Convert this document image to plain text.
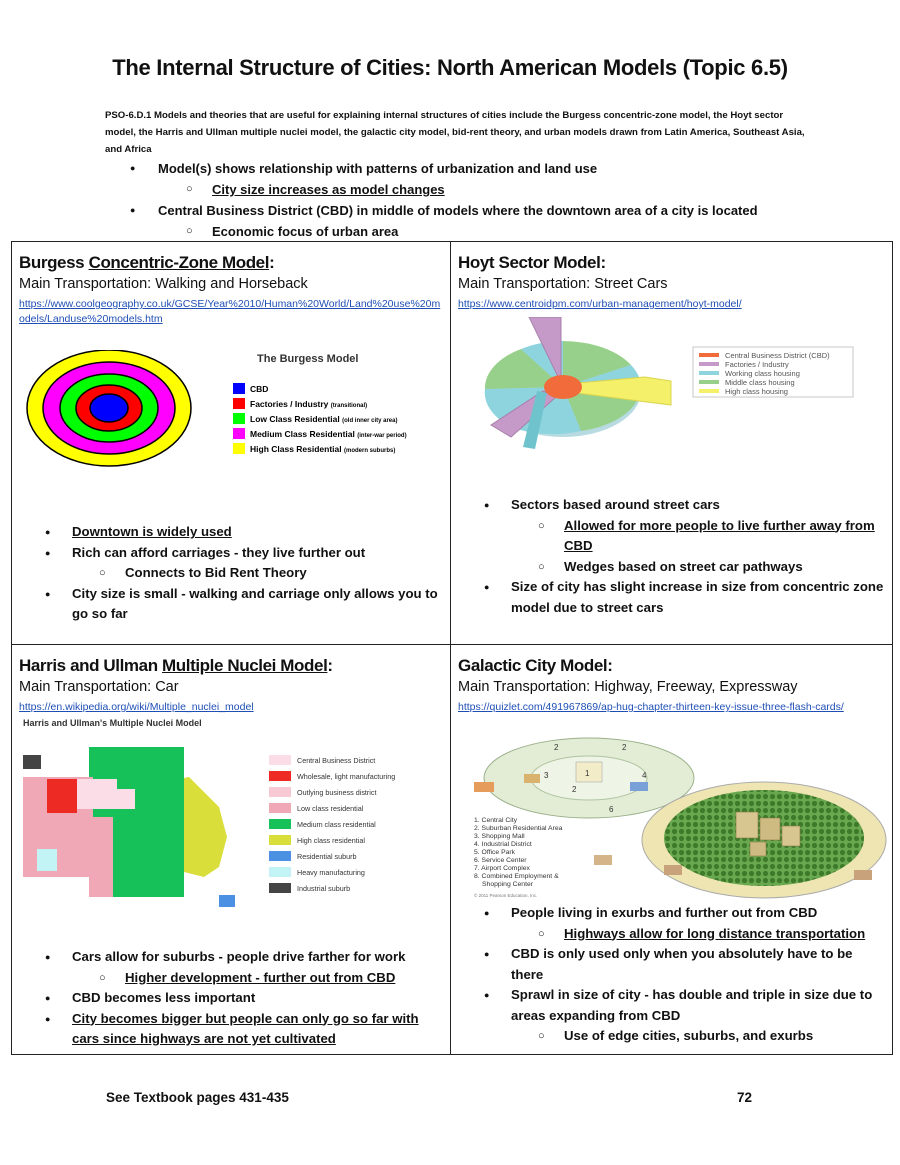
The Internal Structure of Cities: North American Models (Topic 6.5)
PSO-6.D.1 Models and theories that are useful for explaining internal structures of cities include the Burgess concentric-zone model, the Hoyt sector model, the Harris and Ullman multiple nuclei model, the galactic city model, bid-rent theory, and urban models drawn from Latin America, Southeast Asia, and Africa
● Model(s) shows relationship with patterns of urbanization and land use
○ City size increases as model changes
● Central Business District (CBD) in middle of models where the downtown area of a city is located
○ Economic focus of urban area
Burgess Concentric-Zone Model:
Main Transportation: Walking and Horseback
https://www.coolgeography.co.uk/GCSE/Year%2010/Human%20World/Land%20use%20models/Landuse%20models.htm
The Burgess Model
CBD
Factories / Industry (transitional)
Low Class Residential (old inner city area)
Medium Class Residential (inter-war period)
High Class Residential (modern suburbs)
● Downtown is widely used
● Rich can afford carriages - they live further out
○ Connects to Bid Rent Theory
● City size is small - walking and carriage only allows you to go so far
Hoyt Sector Model:
Main Transportation: Street Cars
https://www.centroidpm.com/urban-management/hoyt-model/
Central Business District (CBD)
Factories / Industry
Working class housing
Middle class housing
High class housing
● Sectors based around street cars
○ Allowed for more people to live further away from CBD
○ Wedges based on street car pathways
● Size of city has slight increase in size from concentric zone model due to street cars
Harris and Ullman Multiple Nuclei Model:
Main Transportation: Car
https://en.wikipedia.org/wiki/Multiple_nuclei_model
Harris and Ullman's Multiple Nuclei Model
Central Business District
Wholesale, light manufacturing
Outlying business district
Low class residential
Medium class residential
High class residential
Residential suburb
Heavy manufacturing
Industrial suburb
● Cars allow for suburbs - people drive farther for work
○ Higher development - further out from CBD
● CBD becomes less important
● City becomes bigger but people can only go so far with cars since highways are not yet cultivated
Galactic City Model:
Main Transportation: Highway, Freeway, Expressway
https://quizlet.com/491967869/ap-hug-chapter-thirteen-key-issue-three-flash-cards/
1
2	2
2
3	4
6
1. Central City
2. Suburban Residential Area
3. Shopping Mall
4. Industrial District
5. Office Park
6. Service Center
7. Airport Complex
8. Combined Employment &
Shopping Center
© 2011 Pearson Education, Inc.
● People living in exurbs and further out from CBD
○ Highways allow for long distance transportation
● CBD is only used only when you absolutely have to be there
● Sprawl in size of city - has double and triple in size due to areas expanding from CBD
○ Use of edge cities, suburbs, and exurbs
See Textbook pages 431-435	72
